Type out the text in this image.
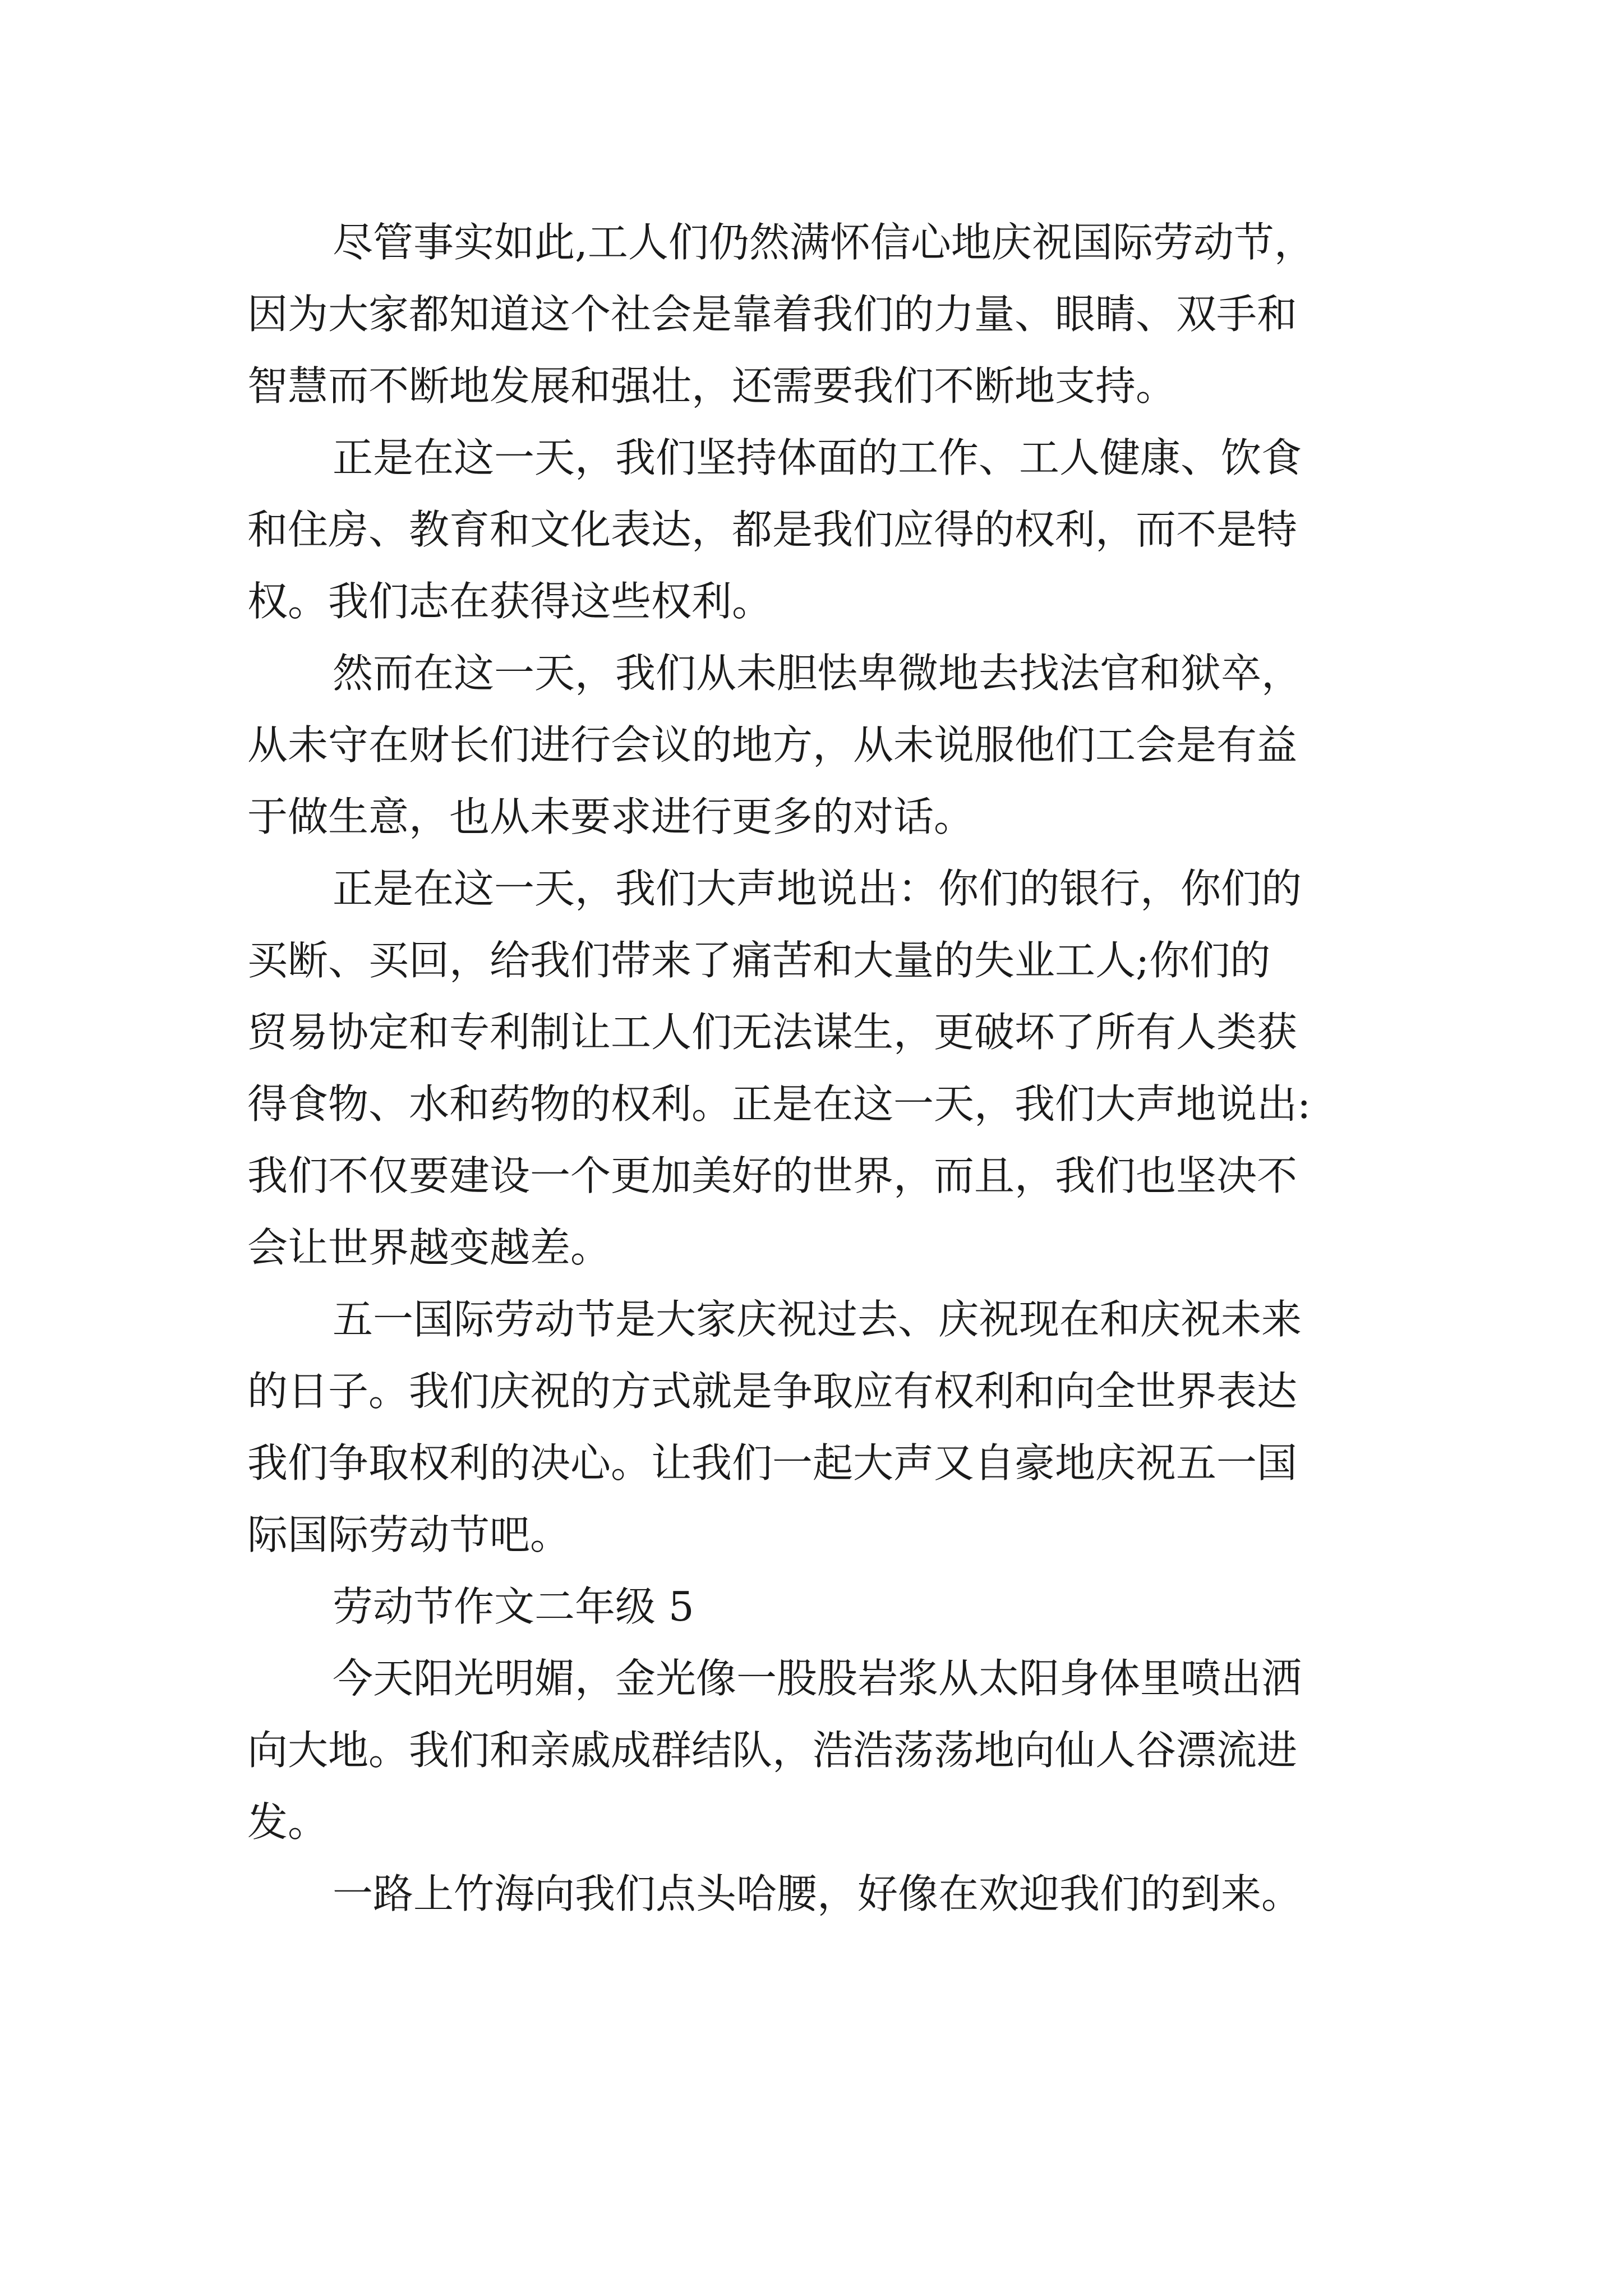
尽管事实如此,工人们仍然满怀信心地庆祝国际劳动节，
因为大家都知道这个社会是靠着我们的力量、眼睛、双手和
智慧而不断地发展和强壮，还需要我们不断地支持。
正是在这一天，我们坚持体面的工作、工人健康、饮食
和住房、教育和文化表达，都是我们应得的权利，而不是特
权。我们志在获得这些权利。
然而在这一天，我们从未胆怯卑微地去找法官和狱卒，
从未守在财长们进行会议的地方，从未说服他们工会是有益
于做生意，也从未要求进行更多的对话。
正是在这一天，我们大声地说出：你们的银行，你们的
买断、买回，给我们带来了痛苦和大量的失业工人;你们的
贸易协定和专利制让工人们无法谋生，更破坏了所有人类获
得食物、水和药物的权利。正是在这一天，我们大声地说出:
我们不仅要建设一个更加美好的世界，而且，我们也坚决不
会让世界越变越差。
五一国际劳动节是大家庆祝过去、庆祝现在和庆祝未来
的日子。我们庆祝的方式就是争取应有权利和向全世界表达
我们争取权利的决心。让我们一起大声又自豪地庆祝五一国
际国际劳动节吧。
劳动节作文二年级 5
今天阳光明媚，金光像一股股岩浆从太阳身体里喷出洒
向大地。我们和亲戚成群结队，浩浩荡荡地向仙人谷漂流进
发。
一路上竹海向我们点头哈腰，好像在欢迎我们的到来。
